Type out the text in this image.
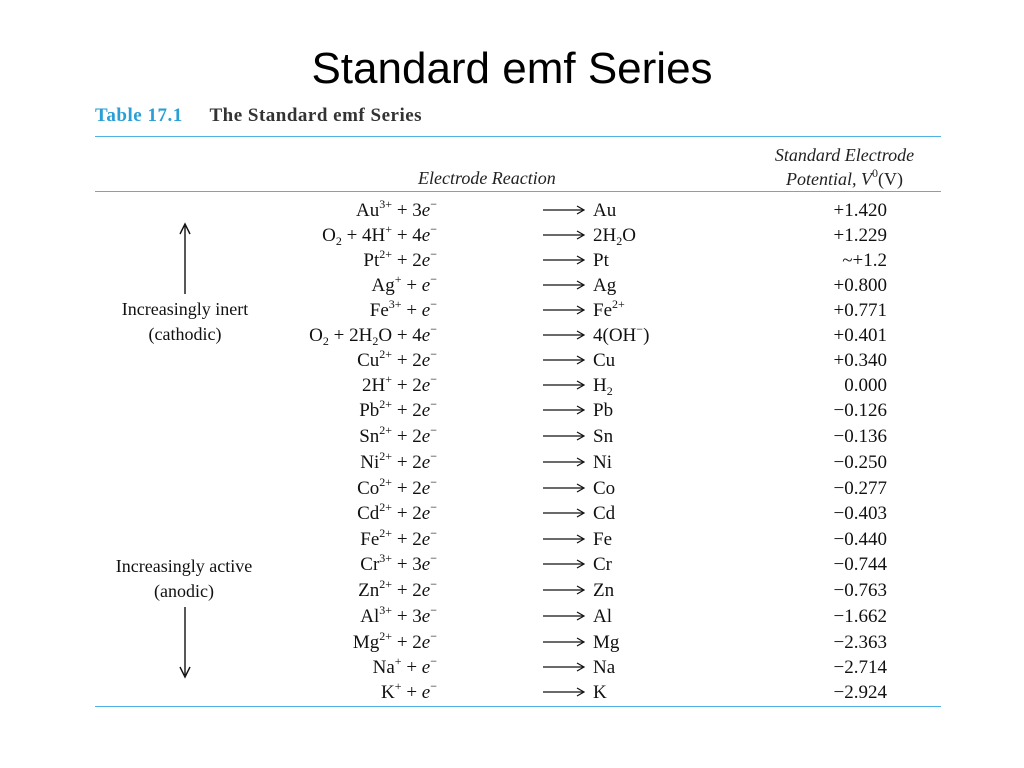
Standard emf Series
Table 17.1 The Standard emf Series
Electrode Reaction
Standard Electrode
Potential, $V^0(V)$
$Au^{3+} + 3e^-$	Au	+1.420
$O_2 + 4H^+ + 4e^-$	$2H_2O$	+1.229
$Pt^{2+} + 2e^-$	Pt	~+1.2
Ag+ + e−	Ag	+0.800
$Fe^{3+} + e^-$	$Fe^{2+}$	+0.771
$O_2 + 2H_2O + 4e^-$	4(OH−)	+0.401
$Cu^{2+} + 2e^-$	Cu	+0.340
2H+ + 2e−	$H_2$	0.000
$Pb^{2+} + 2e^-$	Pb	−0.126
$Sn^{2+} + 2e^-$	Sn	−0.136
$Ni^{2+} + 2e^-$	Ni	−0.250
$Co^{2+} + 2e^-$	Co	−0.277
$Cd^{2+} + 2e^-$	Cd	−0.403
$Fe^{2+} + 2e^-$	Fe	−0.440
$Cr^{3+} + 3e^-$	Cr	−0.744
$Zn^{2+} + 2e^-$	Zn	−0.763
$Al^{3+} + 3e^-$	Al	−1.662
$Mg^{2+} + 2e^-$	Mg	−2.363
Na+ + e−	Na	−2.714
K+ + e−	K	−2.924
Increasingly inert
(cathodic)
Increasingly active
(anodic)
